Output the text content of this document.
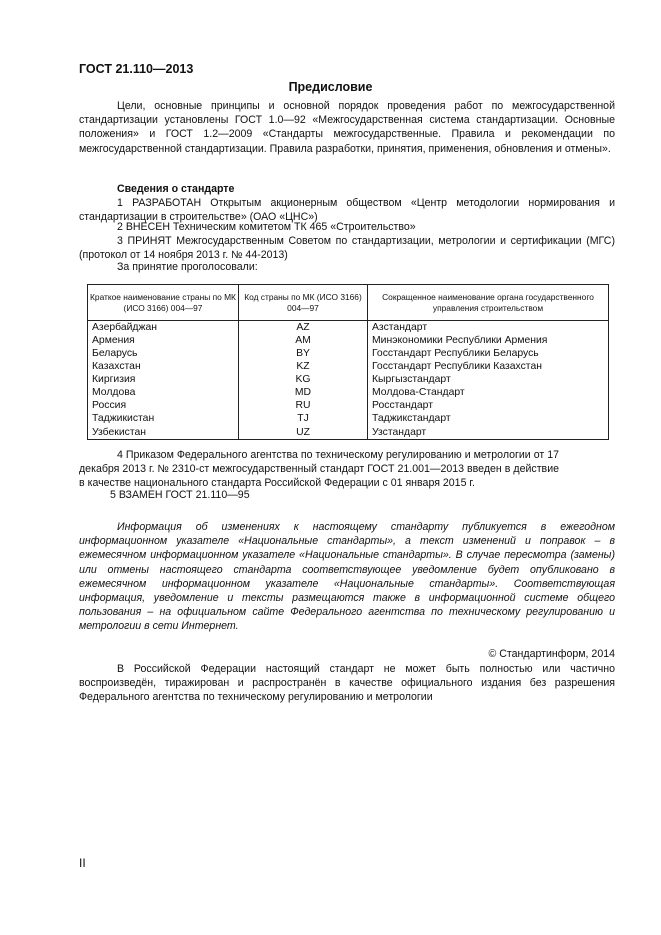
ГОСТ 21.110—2013
Предисловие
Цели, основные принципы и основной порядок проведения работ по межгосударственной стандартизации установлены ГОСТ 1.0—92 «Межгосударственная система стандартизации. Основные положения» и ГОСТ 1.2—2009 «Стандарты межгосударственные. Правила и рекомендации по межгосударственной стандартизации. Правила разработки, принятия, применения, обновления и отмены».
Сведения о стандарте
1 РАЗРАБОТАН Открытым акционерным обществом «Центр методологии нормирования и стандартизации в строительстве» (ОАО «ЦНС»)
2 ВНЕСЕН Техническим комитетом ТК 465 «Строительство»
3 ПРИНЯТ Межгосударственным Советом по стандартизации, метрологии и сертификации (МГС) (протокол от 14 ноября 2013 г. № 44-2013)
За принятие проголосовали:
Краткое наименование страны по МК (ИСО 3166) 004—97	Код страны по МК (ИСО 3166) 004—97	Сокращенное наименование органа государственного управления строительством
Азербайджан	AZ	Азстандарт
Армения	AM	Минэкономики Республики Армения
Беларусь	BY	Госстандарт Республики Беларусь
Казахстан	KZ	Госстандарт Республики Казахстан
Киргизия	KG	Кыргызстандарт
Молдова	MD	Молдова-Стандарт
Россия	RU	Росстандарт
Таджикистан	TJ	Таджикстандарт
Узбекистан	UZ	Узстандарт
4 Приказом Федерального агентства по техническому регулированию и метрологии от 17 декабря 2013 г. № 2310-ст межгосударственный стандарт ГОСТ 21.001—2013 введен в действие в качестве национального стандарта Российской Федерации с 01 января 2015 г.
5 ВЗАМЕН ГОСТ 21.110—95
Информация об изменениях к настоящему стандарту публикуется в ежегодном информационном указателе «Национальные стандарты», а текст изменений и поправок – в ежемесячном информационном указателе «Национальные стандарты». В случае пересмотра (замены) или отмены настоящего стандарта соответствующее уведомление будет опубликовано в ежемесячном информационном указателе «Национальные стандарты». Соответствующая информация, уведомление и тексты размещаются также в информационной системе общего пользования – на официальном сайте Федерального агентства по техническому регулированию и метрологии в сети Интернет.
© Стандартинформ, 2014
В Российской Федерации настоящий стандарт не может быть полностью или частично воспроизведён, тиражирован и распространён в качестве официального издания без разрешения Федерального агентства по техническому регулированию и метрологии
II
